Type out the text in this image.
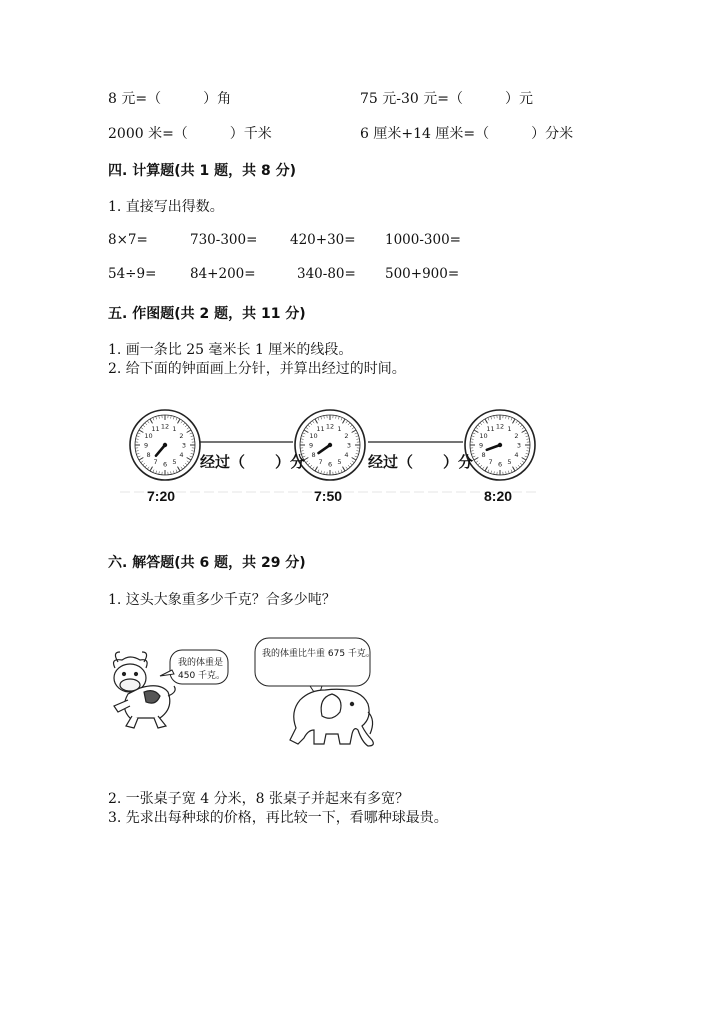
8 元=（　　　）角	75 元-30 元=（　　　）元
2000 米=（　　　）千米	6 厘米+14 厘米=（　　　）分米
四. 计算题(共 1 题，共 8 分)
1. 直接写出得数。
8×7=	730-300= 420+30= 1000-300=
54÷9= 84+200=	340-80= 500+900=
五. 作图题(共 2 题，共 11 分)
1. 画一条比 25 毫米长 1 厘米的线段。
2. 给下面的钟面画上分针，并算出经过的时间。
12 1
2
3
4
5
6
7
8
9
10
11	12 1
2
3
4
5
6
7
8
9
10
11	12 1
2
3
4
5
6
7
8
9
10
11
经过（　　）分	经过（　　）分
7:20	7:50	8:20
六. 解答题(共 6 题，共 29 分)
1. 这头大象重多少千克？合多少吨？
我的体重是
450 千克。
我的体重比牛重 675 千克。
2. 一张桌子宽 4 分米，8 张桌子并起来有多宽？
3. 先求出每种球的价格，再比较一下，看哪种球最贵。
